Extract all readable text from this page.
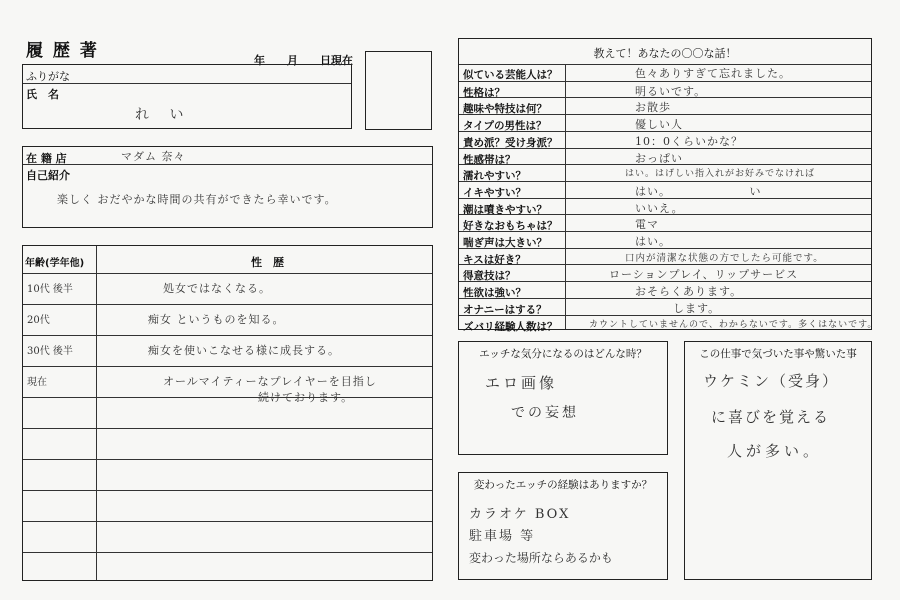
履 歴 著	年　　月　　日現在
ふりがな
氏　名
れ い
在 籍 店	マダム 奈々
自己紹介
楽しく おだやかな時間の共有ができたら幸いです。
年齢(学年他)	性　歴
10代 後半	処女ではなくなる。
20代	痴女 というものを知る。
30代 後半	痴女を使いこなせる様に成長する。
現在	オールマイティーなプレイヤーを目指し
続けております。
教えて！あなたの〇〇な話！
似ている芸能人は？	色々ありすぎて忘れました。
性格は？	明るいです。
趣味や特技は何？	お散歩
タイプの男性は？	優しい人
責め派？受け身派？	10：0くらいかな？
性感帯は？	おっぱい
濡れやすい？	はい。はげしい指入れがお好みでなければ
イキやすい？	はい。　　　　　　　い
潮は噴きやすい？	いいえ。
好きなおもちゃは？	電マ
喘ぎ声は大きい？	はい。
キスは好き？	口内が清潔な状態の方でしたら可能です。
得意技は？	ローションプレイ、リップサービス
性欲は強い？	おそらくあります。
オナニーはする？	します。
ズバリ経験人数は？	カウントしていませんので、わからないです。多くはないです。
エッチな気分になるのはどんな時？
エロ画像
での妄想
この仕事で気づいた事や驚いた事
ウケミン（受身）
に喜びを覚える
人が多い。
変わったエッチの経験はありますか？
カラオケ BOX
駐車場 等
変わった場所ならあるかも
